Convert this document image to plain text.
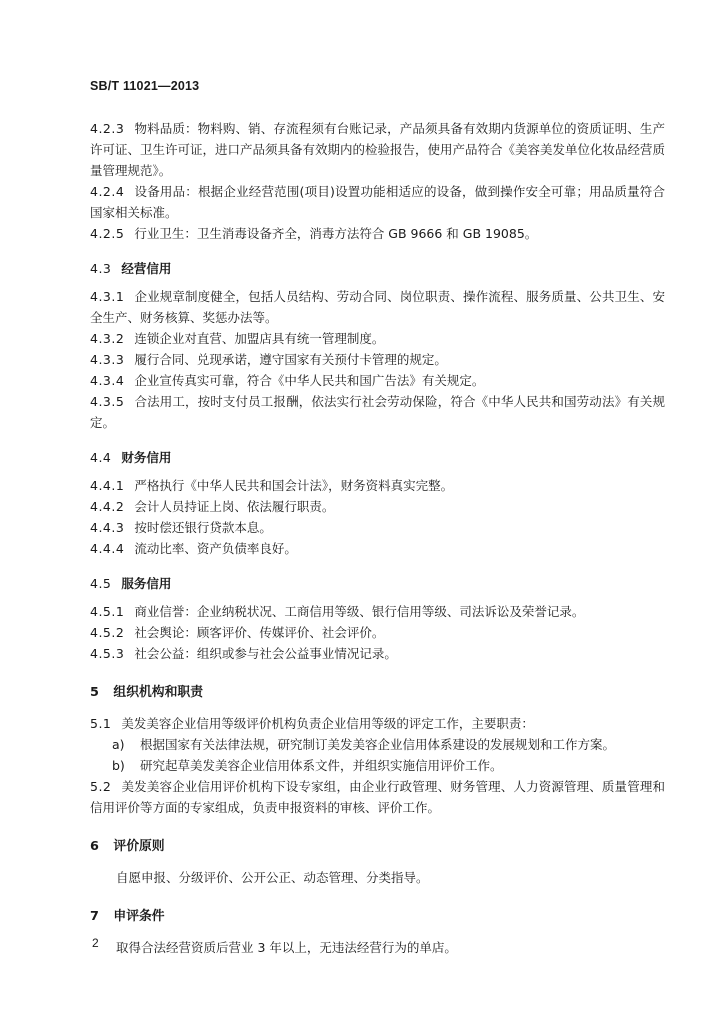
SB/T 11021—2013

4.2.3 物料品质：物料购、销、存流程须有台账记录，产品须具备有效期内货源单位的资质证明、生产许可证、卫生许可证，进口产品须具备有效期内的检验报告，使用产品符合《美容美发单位化妆品经营质量管理规范》。

4.2.4 设备用品：根据企业经营范围(项目)设置功能相适应的设备，做到操作安全可靠；用品质量符合国家相关标准。

4.2.5 行业卫生：卫生消毒设备齐全，消毒方法符合 GB 9666 和 GB 19085。

4.3 经营信用

4.3.1 企业规章制度健全，包括人员结构、劳动合同、岗位职责、操作流程、服务质量、公共卫生、安全生产、财务核算、奖惩办法等。

4.3.2 连锁企业对直营、加盟店具有统一管理制度。

4.3.3 履行合同、兑现承诺，遵守国家有关预付卡管理的规定。

4.3.4 企业宣传真实可靠，符合《中华人民共和国广告法》有关规定。

4.3.5 合法用工，按时支付员工报酬，依法实行社会劳动保险，符合《中华人民共和国劳动法》有关规定。

4.4 财务信用

4.4.1 严格执行《中华人民共和国会计法》，财务资料真实完整。

4.4.2 会计人员持证上岗、依法履行职责。

4.4.3 按时偿还银行贷款本息。

4.4.4 流动比率、资产负债率良好。

4.5 服务信用

4.5.1 商业信誉：企业纳税状况、工商信用等级、银行信用等级、司法诉讼及荣誉记录。

4.5.2 社会舆论：顾客评价、传媒评价、社会评价。

4.5.3 社会公益：组织或参与社会公益事业情况记录。

5 组织机构和职责

5.1 美发美容企业信用等级评价机构负责企业信用等级的评定工作，主要职责：

a) 根据国家有关法律法规，研究制订美发美容企业信用体系建设的发展规划和工作方案。

b) 研究起草美发美容企业信用体系文件，并组织实施信用评价工作。

5.2 美发美容企业信用评价机构下设专家组，由企业行政管理、财务管理、人力资源管理、质量管理和信用评价等方面的专家组成，负责申报资料的审核、评价工作。

6 评价原则

自愿申报、分级评价、公开公正、动态管理、分类指导。

7 申评条件

取得合法经营资质后营业 3 年以上，无违法经营行为的单店。

2
